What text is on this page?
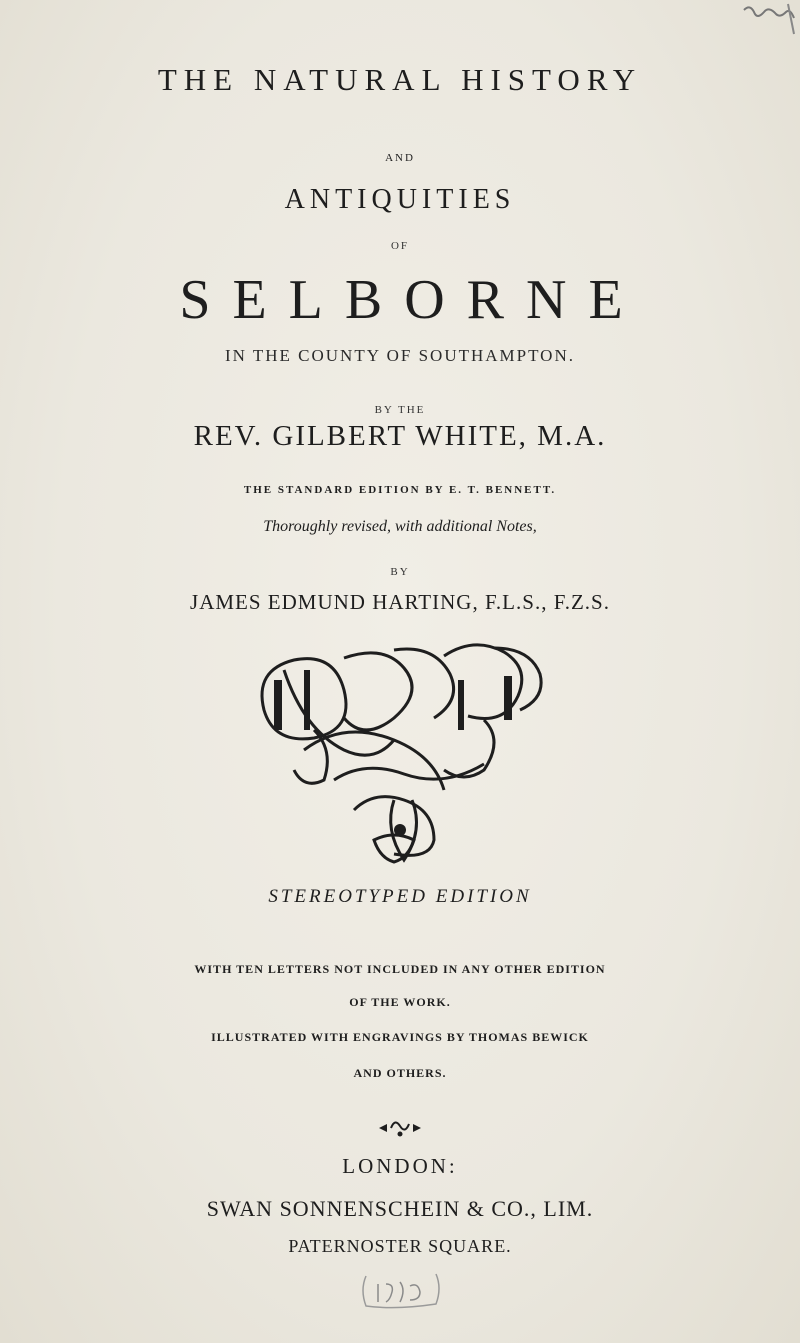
THE NATURAL HISTORY
AND
ANTIQUITIES
OF
SELBORNE
IN THE COUNTY OF SOUTHAMPTON.
BY THE
REV. GILBERT WHITE, M.A.
THE STANDARD EDITION BY E. T. BENNETT.
Thoroughly revised, with additional Notes,
BY
JAMES EDMUND HARTING, F.L.S., F.Z.S.
STEREOTYPED EDITION
WITH TEN LETTERS NOT INCLUDED IN ANY OTHER EDITION
OF THE WORK.
ILLUSTRATED WITH ENGRAVINGS BY THOMAS BEWICK
AND OTHERS.
LONDON:
SWAN SONNENSCHEIN & CO., LIM.
PATERNOSTER SQUARE.
